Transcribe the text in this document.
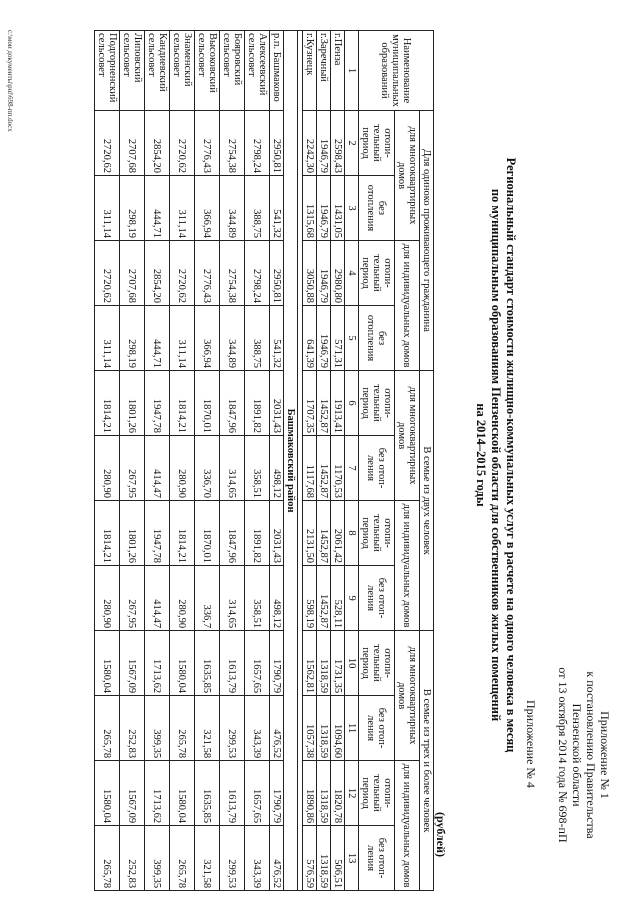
Приложение № 1
к постановлению Правительства
Пензенской области
от 13 октября 2014 года № 698-пП
Приложение № 4
Региональный стандарт стоимости жилищно-коммунальных услуг в расчете на одного человека в месяц
по муниципальным образованиям Пензенской области для собственников жилых помещений
на 2014–2015 годы
(рублей)
Наименование муниципальных образований	Для одиноко проживающего гражданина				В семье из двух человек				В семье из трех и более человек			
	для многоквартирных домов		для индивидуальных домов		для многоквартирных домов		для индивидуальных домов		для многоквартирных домов		для индивидуальных домов	
	отопи-тельный период	без отопления	отопи-тельный период	без отопления	отопи-тельный период	без отоп-ления	отопи-тельный период	без отоп-ления	отопи-тельный период	без отоп-ления	отопи-тельный период	без отоп-ления
1	2	3	4	5	6	7	8	9	10	11	12	13
г.Пенза	2598,43	1431,05	2980,80	571,31	1913,41	1170,53	2061,42	528,11	1731,35	1094,60	1820,78	506,51
г.Заречный	1946,79	1946,79	1946,79	1946,79	1452,87	1452,87	1452,87	1452,87	1318,59	1318,59	1318,59	1318,59
г.Кузнецк	2242,30	1315,68	3050,88	641,39	1707,35	1117,68	2131,50	598,19	1562,81	1057,38	1890,86	576,59

Башмаковский район												
р.п. Башмаково	2950,81	541,32	2950,81	541,32	2031,43	498,12	2031,43	498,12	1790,79	476,52	1790,79	476,52
Алексеевский сельсовет	2798,24	388,75	2798,24	388,75	1891,82	358,51	1891,82	358,51	1657,65	343,39	1657,65	343,39
Бояровский сельсовет	2754,38	344,89	2754,38	344,89	1847,96	314,65	1847,96	314,65	1613,79	299,53	1613,79	299,53
Высоковский сельсовет	2776,43	366,94	2776,43	366,94	1870,01	336,70	1870,01	336,7	1635,85	321,58	1635,85	321,58
Знаменский сельсовет	2720,62	311,14	2720,62	311,14	1814,21	280,90	1814,21	280,90	1580,04	265,78	1580,04	265,78
Кандиевский сельсовет	2854,20	444,71	2854,20	444,71	1947,78	414,47	1947,78	414,47	1713,62	399,35	1713,62	399,35
Липовский сельсовет	2707,68	298,19	2707,68	298,19	1801,26	267,95	1801,26	267,95	1567,09	252,83	1567,09	252,83
Подгорненский сельсовет	2720,62	311,14	2720,62	311,14	1814,21	280,90	1814,21	280,90	1580,04	265,78	1580,04	265,78
c:\мои документы\pul\698-пп.docx
